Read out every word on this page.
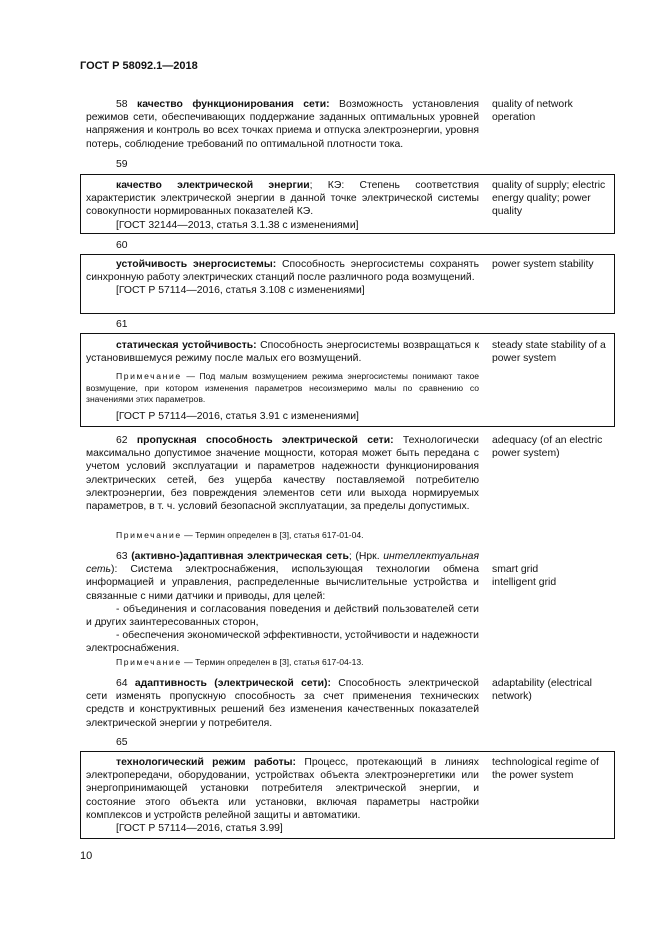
ГОСТ Р 58092.1—2018
58 качество функционирования сети: Возможность установления режимов сети, обеспечивающих поддержание заданных оптимальных уровней напряжения и контроль во всех точках приема и отпуска электроэнергии, уровня потерь, соблюдение требований по оптимальной плотности тока.
quality of network operation
59
качество электрической энергии; КЭ: Степень соответствия характеристик электрической энергии в данной точке электрической системы совокупности нормированных показателей КЭ.
[ГОСТ 32144—2013, статья 3.1.38 с изменениями]
quality of supply; electric energy quality; power quality
60
устойчивость энергосистемы: Способность энергосистемы сохранять синхронную работу электрических станций после различного рода возмущений.
[ГОСТ Р 57114—2016, статья 3.108 с изменениями]
power system stability
61
статическая устойчивость: Способность энергосистемы возвращаться к установившемуся режиму после малых его возмущений.
Примечание — Под малым возмущением режима энергосистемы понимают такое возмущение, при котором изменения параметров несоизмеримо малы по сравнению со значениями этих параметров.
[ГОСТ Р 57114—2016, статья 3.91 с изменениями]
steady state stability of a power system
62 пропускная способность электрической сети: Технологически максимально допустимое значение мощности, которая может быть передана с учетом условий эксплуатации и параметров надежности функционирования электрических сетей, без ущерба качеству поставляемой потребителю электроэнергии, без повреждения элементов сети или выхода нормируемых параметров, в т. ч. условий безопасной эксплуатации, за пределы допустимых.
Примечание — Термин определен в [3], статья 617-01-04.
adequacy (of an electric power system)
63 (активно-)адаптивная электрическая сеть; (Нрк. интеллектуальная сеть): Система электроснабжения, использующая технологии обмена информацией и управления, распределенные вычислительные устройства и связанные с ними датчики и приводы, для целей:
- объединения и согласования поведения и действий пользователей сети и других заинтересованных сторон,
- обеспечения экономической эффективности, устойчивости и надежности электроснабжения.
Примечание — Термин определен в [3], статья 617-04-13.
smart grid
intelligent grid
64 адаптивность (электрической сети): Способность электрической сети изменять пропускную способность за счет применения технических средств и конструктивных решений без изменения качественных показателей электрической энергии у потребителя.
adaptability (electrical network)
65
технологический режим работы: Процесс, протекающий в линиях электропередачи, оборудовании, устройствах объекта электроэнергетики или энергопринимающей установки потребителя электрической энергии, и состояние этого объекта или установки, включая параметры настройки комплексов и устройств релейной защиты и автоматики.
[ГОСТ Р 57114—2016, статья 3.99]
technological regime of the power system
10
